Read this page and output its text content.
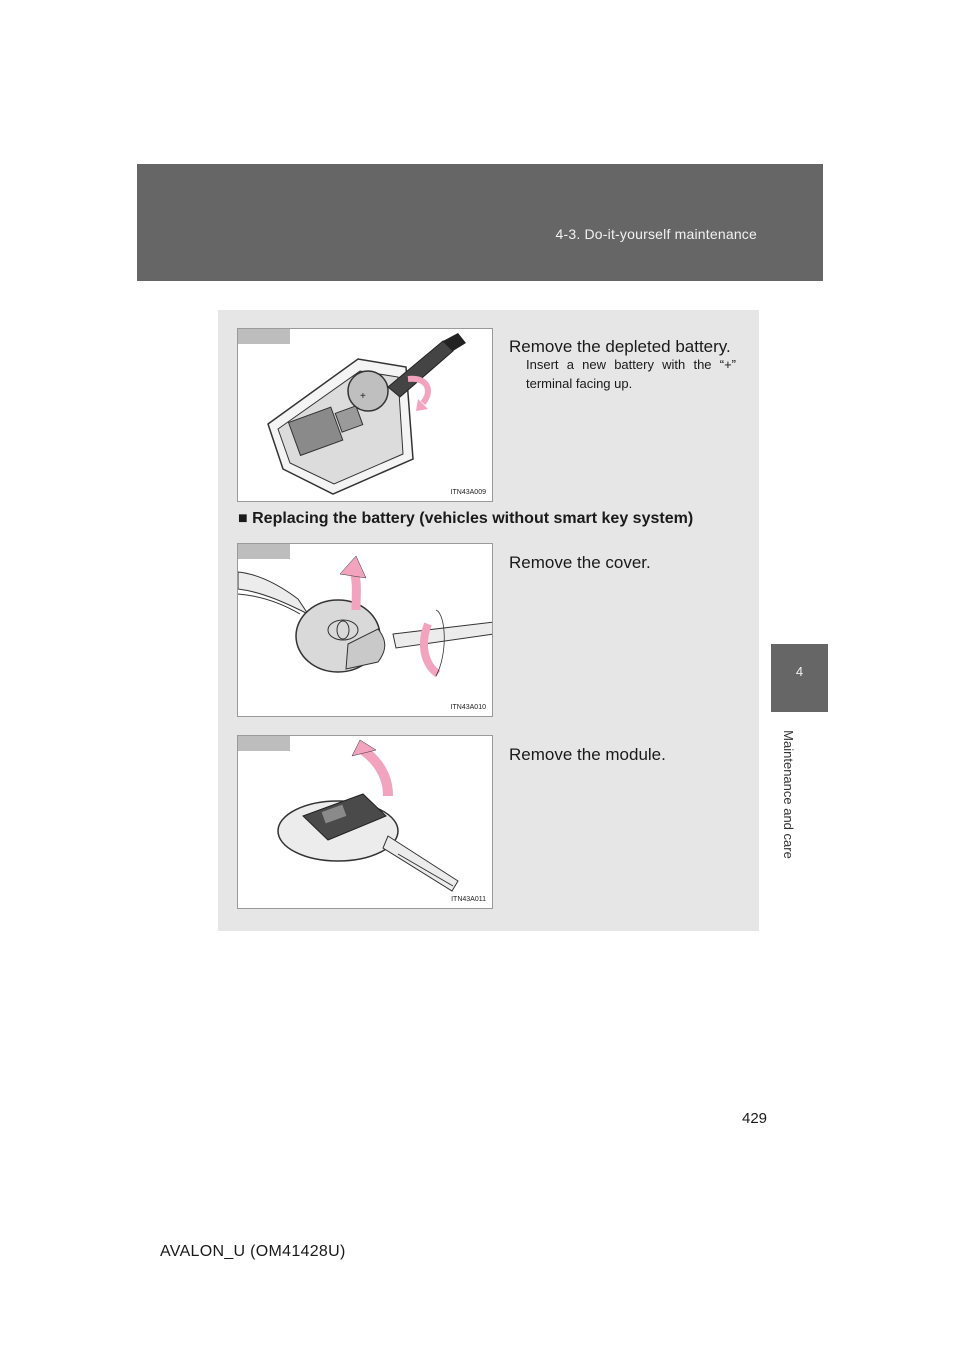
4-3. Do-it-yourself maintenance
4
Maintenance and care
+
ITN43A009
Remove the depleted battery.
Insert a new battery with the “+” terminal facing up.
■ Replacing the battery (vehicles without smart key system)
ITN43A010
Remove the cover.
ITN43A011
Remove the module.
429
AVALON_U (OM41428U)
